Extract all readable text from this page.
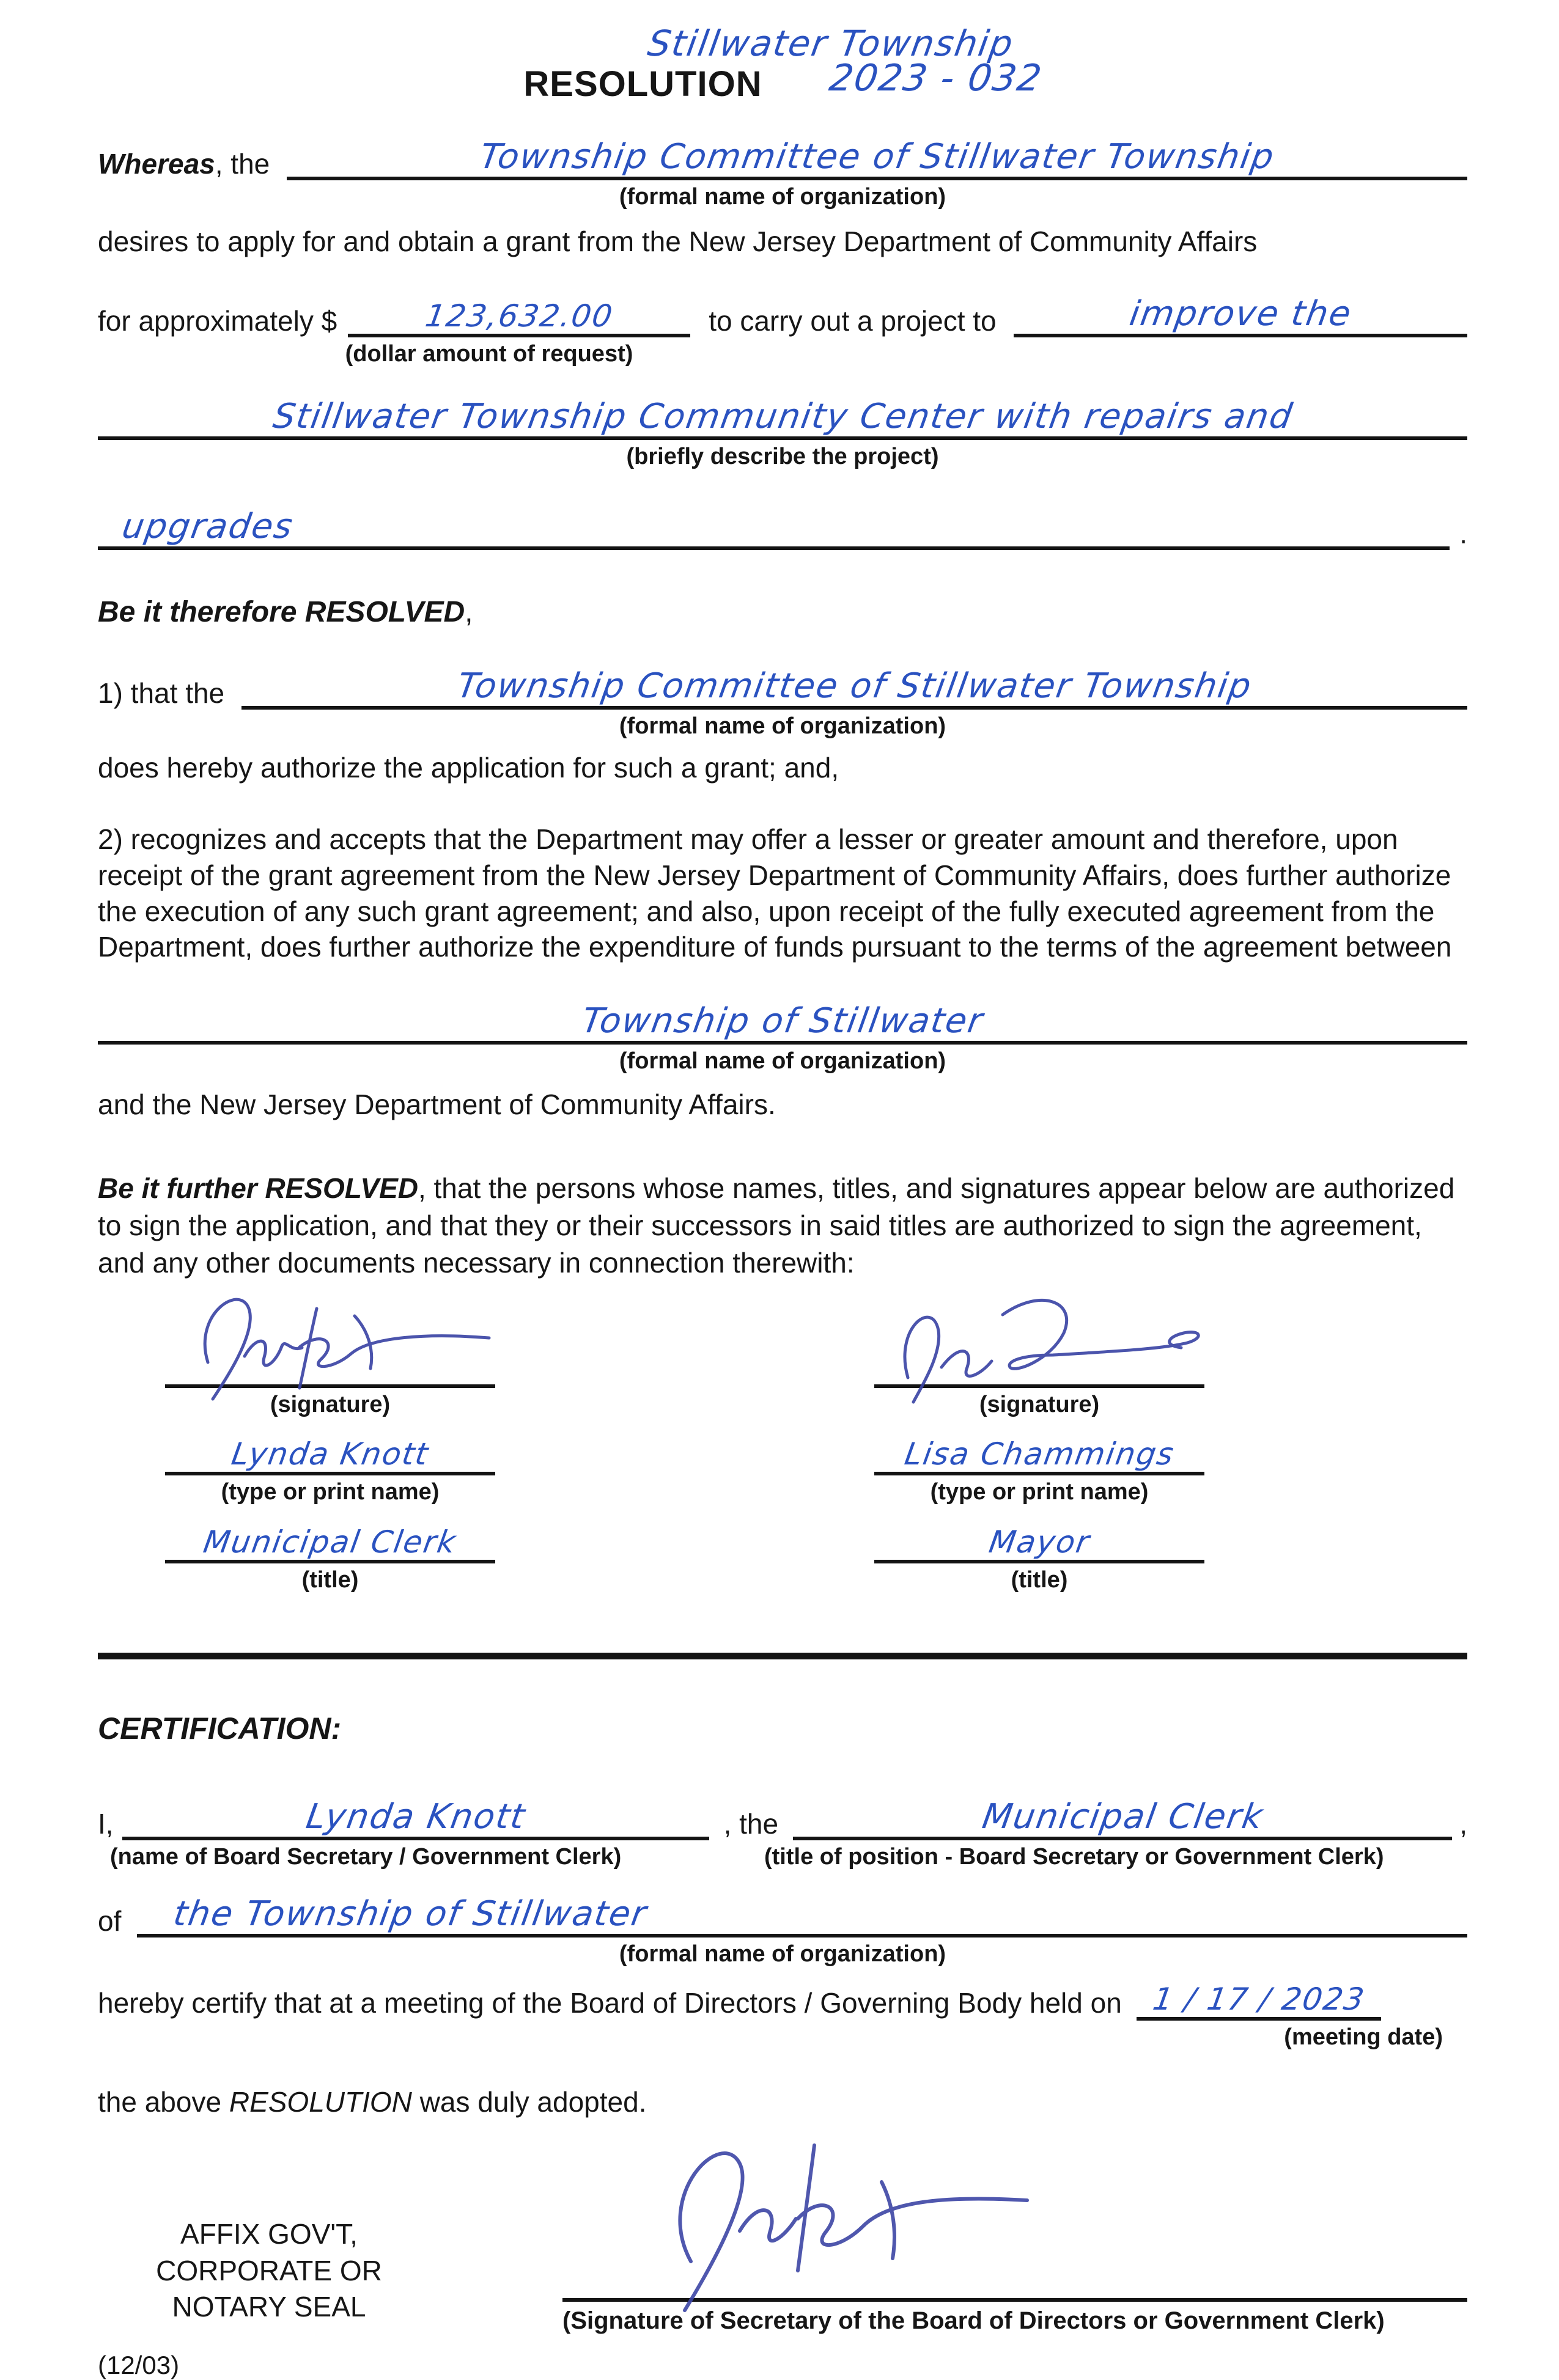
Stillwater Township
RESOLUTION 2023 - 032
Whereas , the	Township Committee of Stillwater Township
(formal name of organization)

desires to apply for and obtain a grant from the New Jersey Department of Community Affairs

for approximately $	123,632.00	to carry out a project to	improve the
(dollar amount of request)
Stillwater Township Community Center with repairs and
(briefly describe the project)
upgrades	.

Be it therefore RESOLVED,

1) that the	Township Committee of Stillwater Township
(formal name of organization)

does hereby authorize the application for such a grant; and,

2) recognizes and accepts that the Department may offer a lesser or greater amount and therefore, upon receipt of the grant agreement from the New Jersey Department of Community Affairs, does further authorize the execution of any such grant agreement; and also, upon receipt of the fully executed agreement from the Department, does further authorize the expenditure of funds pursuant to the terms of the agreement between

Township of Stillwater
(formal name of organization)

and the New Jersey Department of Community Affairs.

Be it further RESOLVED, that the persons whose names, titles, and signatures appear below are authorized to sign the application, and that they or their successors in said titles are authorized to sign the agreement, and any other documents necessary in connection therewith:

(signature)
Lynda Knott
(type or print name)
Municipal Clerk
(title)
(signature)
Lisa Chammings
(type or print name)
Mayor
(title)
CERTIFICATION:
I,	Lynda Knott	, the	Municipal Clerk	,
(name of Board Secretary / Government Clerk)	(title of position - Board Secretary or Government Clerk)
of the Township of Stillwater
(formal name of organization)
hereby certify that at a meeting of the Board of Directors / Governing Body held on 1 / 17 / 2023
(meeting date)

the above RESOLUTION was duly adopted.

AFFIX GOV'T,
CORPORATE OR
NOTARY SEAL	(Signature of Secretary of the Board of Directors or Government Clerk)
(12/03)
